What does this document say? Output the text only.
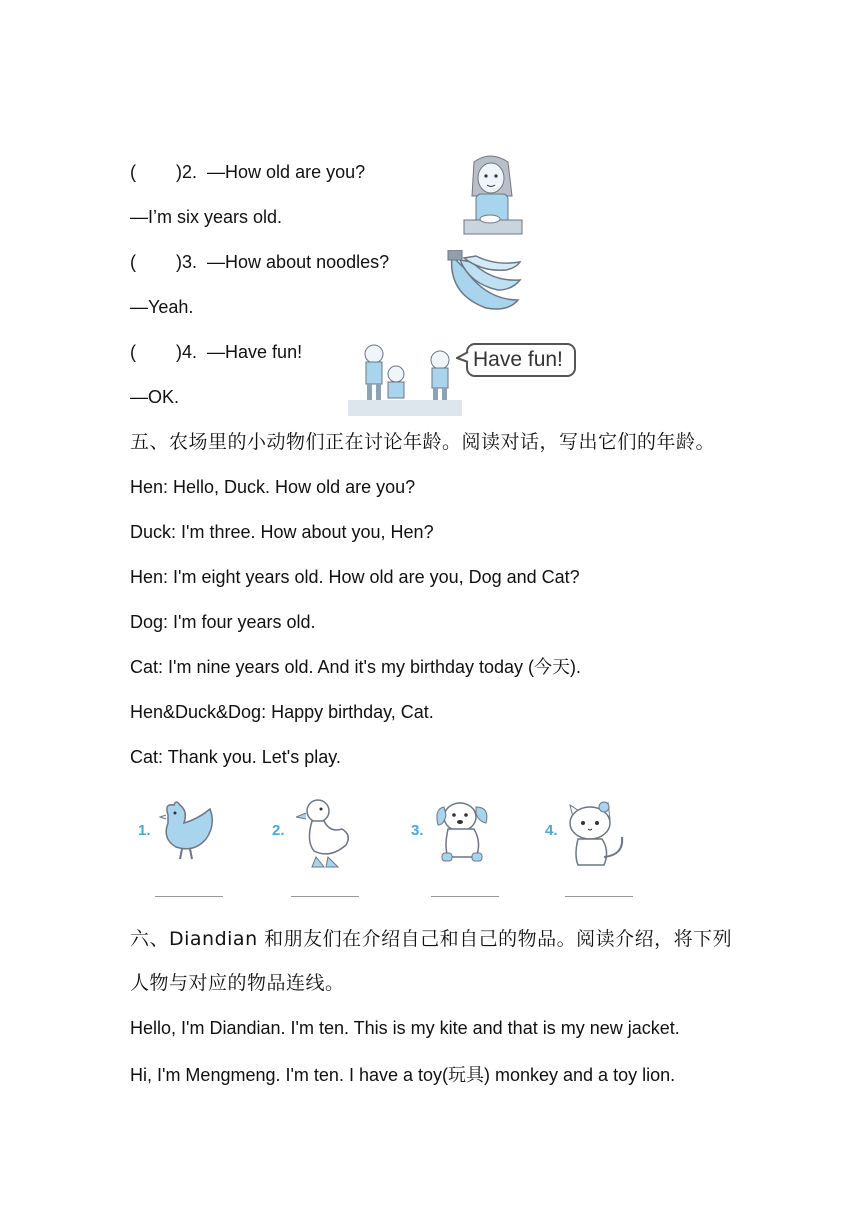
(        )2. —How old are you?
—I’m six years old.
(        )3. —How about noodles?
—Yeah.
(        )4. —Have fun!
—OK.
Have fun!
五、农场里的小动物们正在讨论年龄。阅读对话，写出它们的年龄。
Hen: Hello, Duck. How old are you?
Duck: I'm three. How about you, Hen?
Hen: I'm eight years old. How old are you, Dog and Cat?
Dog: I'm four years old.
Cat: I'm nine years old. And it's my birthday today (今天).
Hen&Duck&Dog: Happy birthday, Cat.
Cat: Thank you. Let's play.
1.	2.	3.	4.
六、Diandian 和朋友们在介绍自己和自己的物品。阅读介绍，将下列
人物与对应的物品连线。
Hello, I'm Diandian. I'm ten. This is my kite and that is my new jacket.
Hi, I'm Mengmeng. I'm ten. I have a toy(玩具) monkey and a toy lion.
